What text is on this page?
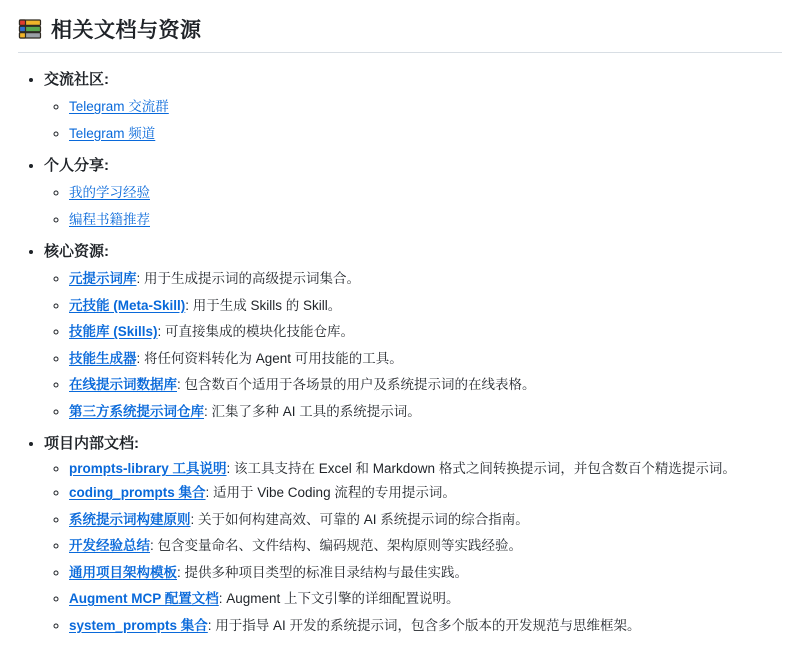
相关文档与资源
• 交流社区:
◦ Telegram 交流群
◦ Telegram 频道
• 个人分享:
◦ 我的学习经验
◦ 编程书籍推荐
• 核心资源:
◦ 元提示词库: 用于生成提示词的高级提示词集合。
◦ 元技能 (Meta-Skill): 用于生成 Skills 的 Skill。
◦ 技能库 (Skills): 可直接集成的模块化技能仓库。
◦ 技能生成器: 将任何资料转化为 Agent 可用技能的工具。
◦ 在线提示词数据库: 包含数百个适用于各场景的用户及系统提示词的在线表格。
◦ 第三方系统提示词仓库: 汇集了多种 AI 工具的系统提示词。
• 项目内部文档:
◦ prompts-library 工具说明: 该工具支持在 Excel 和 Markdown 格式之间转换提示词，并包含数百个精选提示词。
◦ coding_prompts 集合: 适用于 Vibe Coding 流程的专用提示词。
◦ 系统提示词构建原则: 关于如何构建高效、可靠的 AI 系统提示词的综合指南。
◦ 开发经验总结: 包含变量命名、文件结构、编码规范、架构原则等实践经验。
◦ 通用项目架构模板: 提供多种项目类型的标准目录结构与最佳实践。
◦ Augment MCP 配置文档: Augment 上下文引擎的详细配置说明。
◦ system_prompts 集合: 用于指导 AI 开发的系统提示词，包含多个版本的开发规范与思维框架。
